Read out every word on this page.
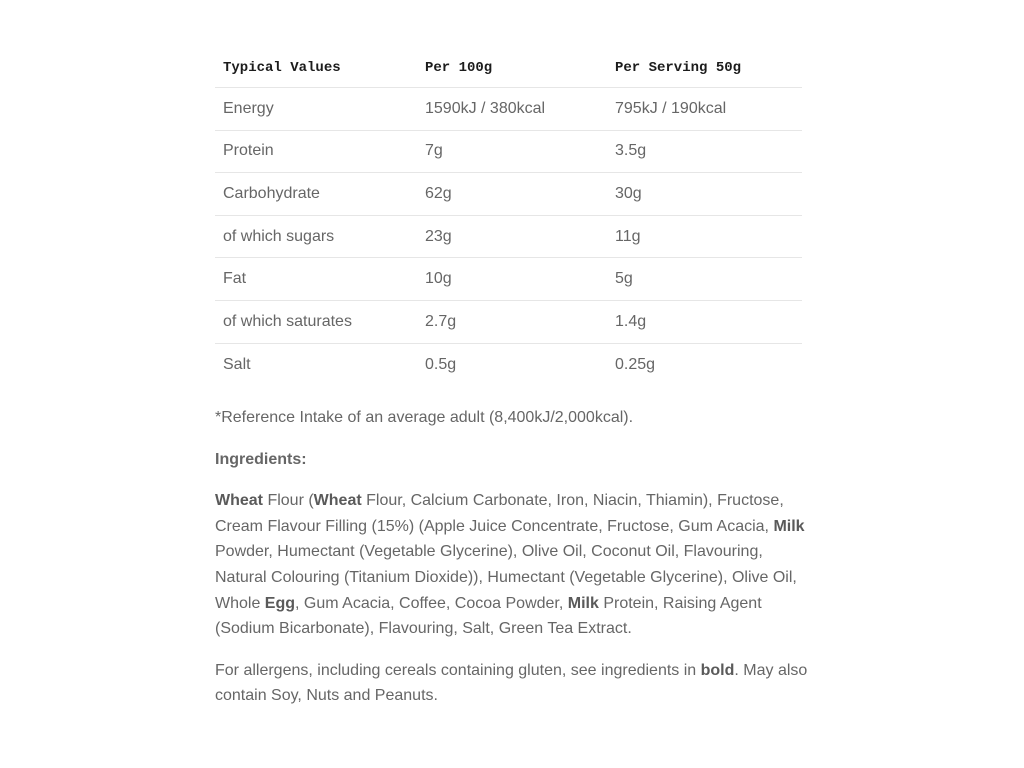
Typical Values	Per 100g	Per Serving 50g
Energy	1590kJ / 380kcal	795kJ / 190kcal
Protein	7g	3.5g
Carbohydrate	62g	30g
of which sugars	23g	11g
Fat	10g	5g
of which saturates	2.7g	1.4g
Salt	0.5g	0.25g

*Reference Intake of an average adult (8,400kJ/2,000kcal).

Ingredients:

Wheat Flour (Wheat Flour, Calcium Carbonate, Iron, Niacin, Thiamin), Fructose,
Cream Flavour Filling (15%) (Apple Juice Concentrate, Fructose, Gum Acacia, Milk
Powder, Humectant (Vegetable Glycerine), Olive Oil, Coconut Oil, Flavouring,
Natural Colouring (Titanium Dioxide)), Humectant (Vegetable Glycerine), Olive Oil,
Whole Egg, Gum Acacia, Coffee, Cocoa Powder, Milk Protein, Raising Agent
(Sodium Bicarbonate), Flavouring, Salt, Green Tea Extract.
For allergens, including cereals containing gluten, see ingredients in bold. May also
contain Soy, Nuts and Peanuts.
